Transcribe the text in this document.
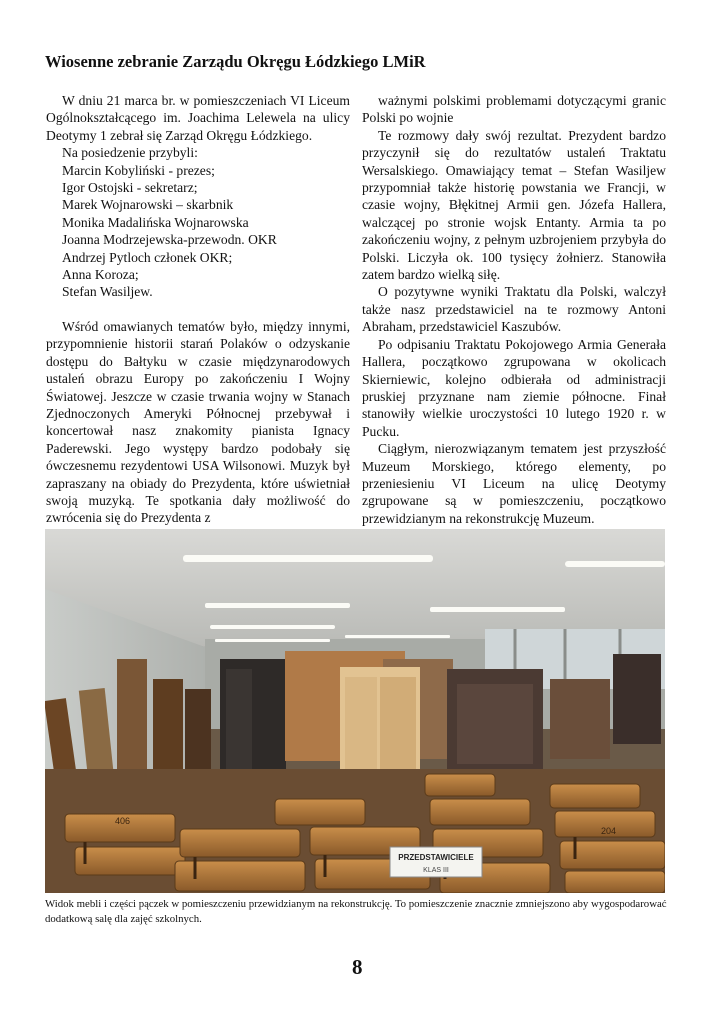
Wiosenne zebranie Zarządu Okręgu Łódzkiego LMiR

W dniu 21 marca br. w pomieszczeniach VI Liceum Ogólnokształcącego im. Joachima Lelewela na ulicy Deotymy 1 zebrał się Zarząd Okręgu Łódzkiego.

Na posiedzenie przybyli:
Marcin Kobyliński - prezes;
Igor Ostojski - sekretarz;
Marek Wojnarowski – skarbnik
Monika Madalińska Wojnarowska
Joanna Modrzejewska-przewodn. OKR
Andrzej Pytloch członek OKR;
Anna Koroza;
Stefan Wasiljew.

Wśród omawianych tematów było, między innymi, przypomnienie historii starań Polaków o odzyskanie dostępu do Bałtyku w czasie międzynarodowych ustaleń obrazu Europy po zakończeniu I Wojny Światowej. Jeszcze w czasie trwania wojny w Stanach Zjednoczonych Ameryki Północnej przebywał i koncertował nasz znakomity pianista Ignacy Paderewski. Jego występy bardzo podobały się ówczesnemu rezydentowi USA Wilsonowi. Muzyk był zapraszany na obiady do Prezydenta, które uświetniał swoją muzyką. Te spotkania dały możliwość do zwrócenia się do Prezydenta z

ważnymi polskimi problemami dotyczącymi granic Polski po wojnie

Te rozmowy dały swój rezultat. Prezydent bardzo przyczynił się do rezultatów ustaleń Traktatu Wersalskiego. Omawiający temat – Stefan Wasiljew przypomniał także historię powstania we Francji, w czasie wojny, Błękitnej Armii gen. Józefa Hallera, walczącej po stronie wojsk Entanty. Armia ta po zakończeniu wojny, z pełnym uzbrojeniem przybyła do Polski. Liczyła ok. 100 tysięcy żołnierz. Stanowiła zatem bardzo wielką siłę.

O pozytywne wyniki Traktatu dla Polski, walczył także nasz przedstawiciel na te rozmowy Antoni Abraham, przedstawiciel Kaszubów.

Po odpisaniu Traktatu Pokojowego Armia Generała Hallera, początkowo zgrupowana w okolicach Skierniewic, kolejno odbierała od administracji pruskiej przyznane nam ziemie północne. Finał stanowiły wielkie uroczystości 10 lutego 1920 r. w Pucku.

Ciągłym, nierozwiązanym tematem jest przyszłość Muzeum Morskiego, którego elementy, po przeniesieniu VI Liceum na ulicę Deotymy zgrupowane są w pomieszczeniu, początkowo przewidzianym na rekonstrukcję Muzeum.

406
204
PRZEDSTAWICIELE
KLAS III

Widok mebli i części pączek w pomieszczeniu przewidzianym na rekonstrukcję. To pomieszczenie znacznie zmniejszono aby wygospodarować dodatkową salę dla zajęć szkolnych.

8
